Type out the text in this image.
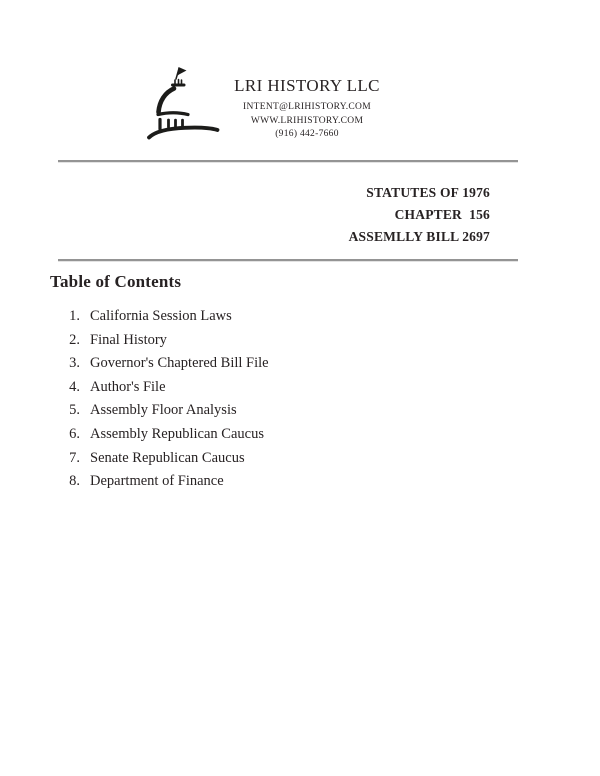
LRI HISTORY LLC
INTENT@LRIHISTORY.COM
WWW.LRIHISTORY.COM
(916) 442-7660
STATUTES OF 1976
CHAPTER  156
ASSEMLLY BILL 2697
Table of Contents
1. California Session Laws
2. Final History
3. Governor's Chaptered Bill File
4. Author's File
5. Assembly Floor Analysis
6. Assembly Republican Caucus
7. Senate Republican Caucus
8. Department of Finance
